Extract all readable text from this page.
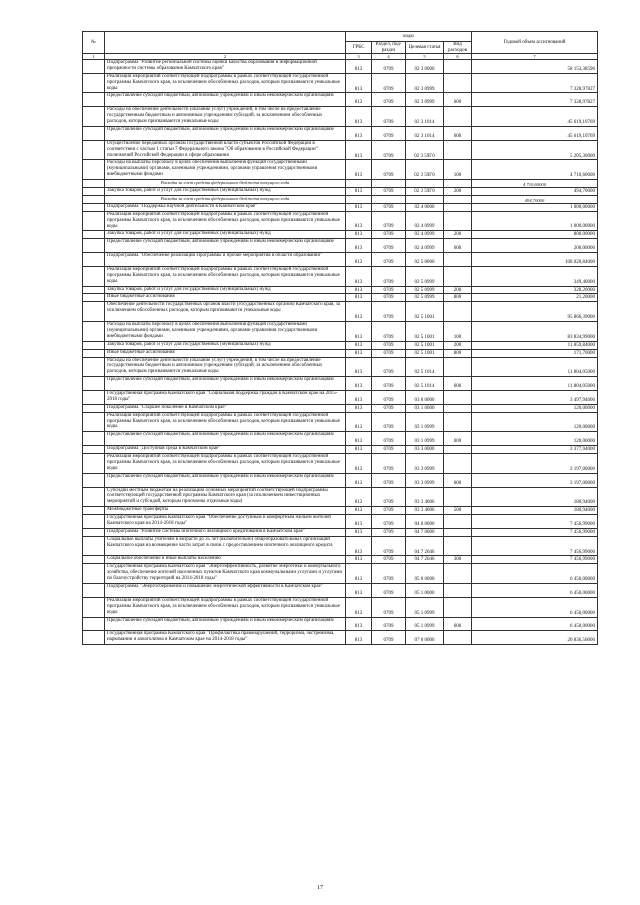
№		коды				Годовой объем ассигнований
		ГРБС	Раздел, под-раздел	Целевая статья	Вид расходов	
1	2	3	4	5	6	7
	Подпрограмма "Развитие региональной системы оценки качества образования и информационной прозрачности системы образования Камчатского края"	813	0709	02 3 0000		58 153,38596
	Реализация мероприятий соответствующей подпрограммы в рамках соответствующей государственной программы Камчатского края, за исключением обособленных расходов, которым присваиваются уникальные коды	813	0709	02 3 0999		7 328,97827
	Предоставление субсидий бюджетным, автономным учреждениям и иным некоммерческим организациям	813	0709	02 3 0999	600	7 328,97827
	Расходы на обеспечение деятельности (оказание услуг) учреждений, в том числе на предоставление государственным бюджетным и автономным учреждениям субсидий, за исключением обособленных расходов, которым присваиваются уникальные коды	813	0709	02 3 1014		45 619,10769
	Предоставление субсидий бюджетным, автономным учреждениям и иным некоммерческим организациям	813	0709	02 3 1014	600	45 619,10769
	Осуществление переданных органам государственной власти субъектов Российской Федерации в соответствии с частью 1 статьи 7 Федерального закона "Об образовании в Российской Федерации" полномочий Российской Федерации в сфере образования	813	0709	02 3 59Г0		5 205,30000
	Расходы на выплаты персоналу в целях обеспечения выполнения функций государственными (муниципальными) органами, казенными учреждениями, органами управления государственными внебюджетными фондами	813	0709	02 3 59Г0	100	4 710,60000
	Расходы за счет средств федерального бюджета текущего года					4 710,60000
	Закупка товаров, работ и услуг для государственных (муниципальных) нужд	813	0709	02 3 59Г0	200	494,70000
	Расходы за счет средств федерального бюджета текущего года					494,70000
	Подпрограмма "Поддержка научной деятельности в Камчатском крае"	813	0709	02 4 0000		1 000,00000
	Реализация мероприятий соответствующей подпрограммы в рамках соответствующей государственной программы Камчатского края, за исключением обособленных расходов, которым присваиваются уникальные коды	813	0709	02 4 0999		1 000,00000
	Закупка товаров, работ и услуг для государственных (муниципальных) нужд	813	0709	02 4 0999	200	800,00000
	Предоставление субсидий бюджетным, автономным учреждениям и иным некоммерческим организациям	813	0709	02 4 0999	600	200,00000
	Подпрограмма "Обеспечение реализации Программы и прочие мероприятия в области образования"	813	0709	02 5 0000		108 020,84000
	Реализация мероприятий соответствующей подпрограммы в рамках соответствующей государственной программы Камчатского края, за исключением обособленных расходов, которым присваиваются уникальные коды	813	0709	02 5 0999		349,40000
	Закупка товаров, работ и услуг для государственных (муниципальных) нужд	813	0709	02 5 0999	200	328,20000
	Иные бюджетные ассигнования	813	0709	02 5 0999	800	21,20000
	Обеспечение деятельности государственных органов власти (государственных органов) Камчатского края, за исключением обособленных расходов, которым присваиваются уникальные коды	813	0709	02 5 1001		95 866,39000
	Расходы на выплаты персоналу в целях обеспечения выполнения функций государственными (муниципальными) органами, казенными учреждениями, органами управления государственными внебюджетными фондами	813	0709	02 5 1001	100	83 834,99000
	Закупка товаров, работ и услуг для государственных (муниципальных) нужд	813	0709	02 5 1001	200	11 859,84000
	Иные бюджетные ассигнования	813	0709	02 5 1001	800	171,70000
	Расходы на обеспечение деятельности (оказание услуг) учреждений, в том числе на предоставление государственным бюджетным и автономным учреждениям субсидий, за исключением обособленных расходов, которым присваиваются уникальные коды	813	0709	02 5 1014		11 804,05000
	Предоставление субсидий бюджетным, автономным учреждениям и иным некоммерческим организациям	813	0709	02 5 1014	600	11 804,05000
	Государственная программа Камчатского края "Социальная поддержка граждан в Камчатском крае на 2015-2018 годы"	813	0709	03 0 0000		3 497,94000
	Подпрограмма "Старшее поколение в Камчатском крае"	813	0709	03 1 0000		120,00000
	Реализация мероприятий соответствующей подпрограммы в рамках соответствующей государственной программы Камчатского края, за исключением обособленных расходов, которым присваиваются уникальные коды	813	0709	03 1 0999		120,00000
	Предоставление субсидий бюджетным, автономным учреждениям и иным некоммерческим организациям	813	0709	03 1 0999	600	120,00000
	Подпрограмма "Доступная среда в Камчатском крае"	813	0709	03 3 0000		3 377,94000
	Реализация мероприятий соответствующей подпрограммы в рамках соответствующей государственной программы Камчатского края, за исключением обособленных расходов, которым присваиваются уникальные коды	813	0709	03 3 0999		3 197,00000
	Предоставление субсидий бюджетным, автономным учреждениям и иным некоммерческим организациям	813	0709	03 3 0999	600	3 197,00000
	Субсидии местным бюджетам на реализацию основных мероприятий соответствующей подпрограммы соответствующей государственной программы Камчатского края (за исключением инвестиционных мероприятий и субсидий, которым присвоены отдельные коды)	813	0709	03 3 4006		180,94000
	Межбюджетные трансферты	813	0709	03 3 4006	500	180,94000
	Государственная программа Камчатского края "Обеспечение доступным и комфортным жильем жителей Камчатского края на 2014-2018 годы"	813	0709	04 0 0000		7 456,99000
	Подпрограмма "Развитие системы ипотечного жилищного кредитования в Камчатском крае"	813	0709	04 7 0000		7 456,99000
	Социальные выплаты учителям в возрасте до 35 лет (включительно) общеобразовательных организаций Камчатского края на возмещение части затрат в связи с предоставлением ипотечного жилищного кредита	813	0709	04 7 2046		7 456,99000
	Социальное обеспечение и иные выплаты населению	813	0709	04 7 2046	300	7 456,99000
	Государственная программа Камчатского края "Энергоэффективность, развитие энергетики и коммунального хозяйства, обеспечение жителей населенных пунктов Камчатского края коммунальными услугами и услугами по благоустройству территорий на 2014-2018 годы"	813	0709	05 0 0000		6 450,00000
	Подпрограмма "Энергосбережение и повышение энергетической эффективности в Камчатском крае"	813	0709	05 1 0000		6 450,00000
	Реализация мероприятий соответствующей подпрограммы в рамках соответствующей государственной программы Камчатского края, за исключением обособленных расходов, которым присваиваются уникальные коды	813	0709	05 1 0999		6 450,00000
	Предоставление субсидий бюджетным, автономным учреждениям и иным некоммерческим организациям	813	0709	05 1 0999	600	6 450,00000
	Государственная программа Камчатского края "Профилактика правонарушений, терроризма, экстремизма, наркомании и алкоголизма в Камчатском крае на 2014-2018 годы"	813	0709	07 0 0000		20 836,50000
17
